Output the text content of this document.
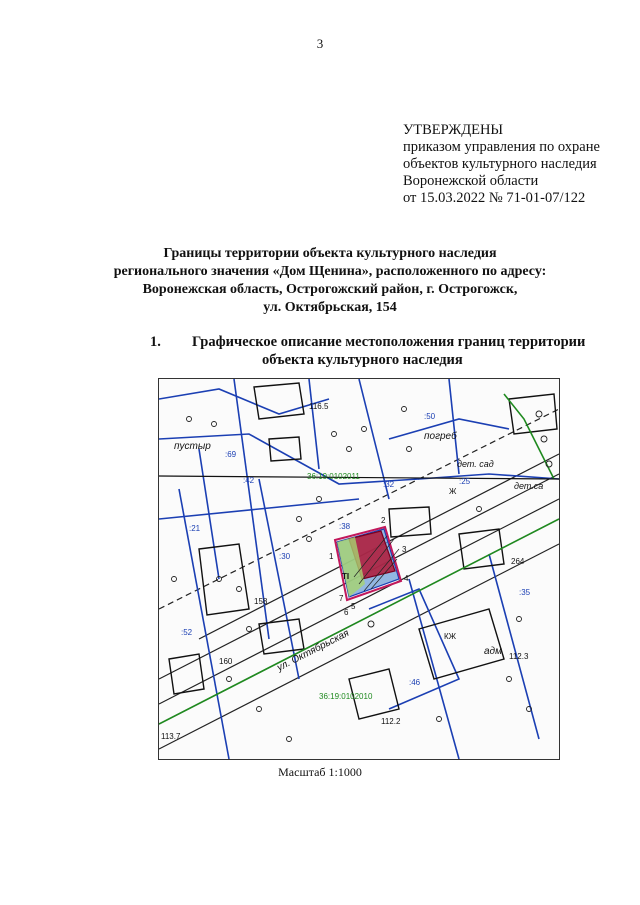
3
УТВЕРЖДЕНЫ
приказом управления по охране
объектов культурного наследия
Воронежской области
от 15.03.2022 № 71-01-07/122
Границы территории объекта культурного наследия
регионального значения «Дом Щенина», расположенного по адресу:
Воронежская область, Острогожский район, г. Острогожск,
ул. Октябрьская, 154
1. Графическое описание местоположения границ территории
объекта культурного наследия
36:19:0102011
36:19:0102010
:69
:42	:32
:50
:25
:21	:38
:30
:52
:35
:46
ул. Октябрьская
1
2
3
4
5
6
7
ТI
пустыр
погреб
дет. сад
дет.са
адм
Ж
КЖ
116.5
112.2
112.3
113.7
158
160
264
Масштаб 1:1000
